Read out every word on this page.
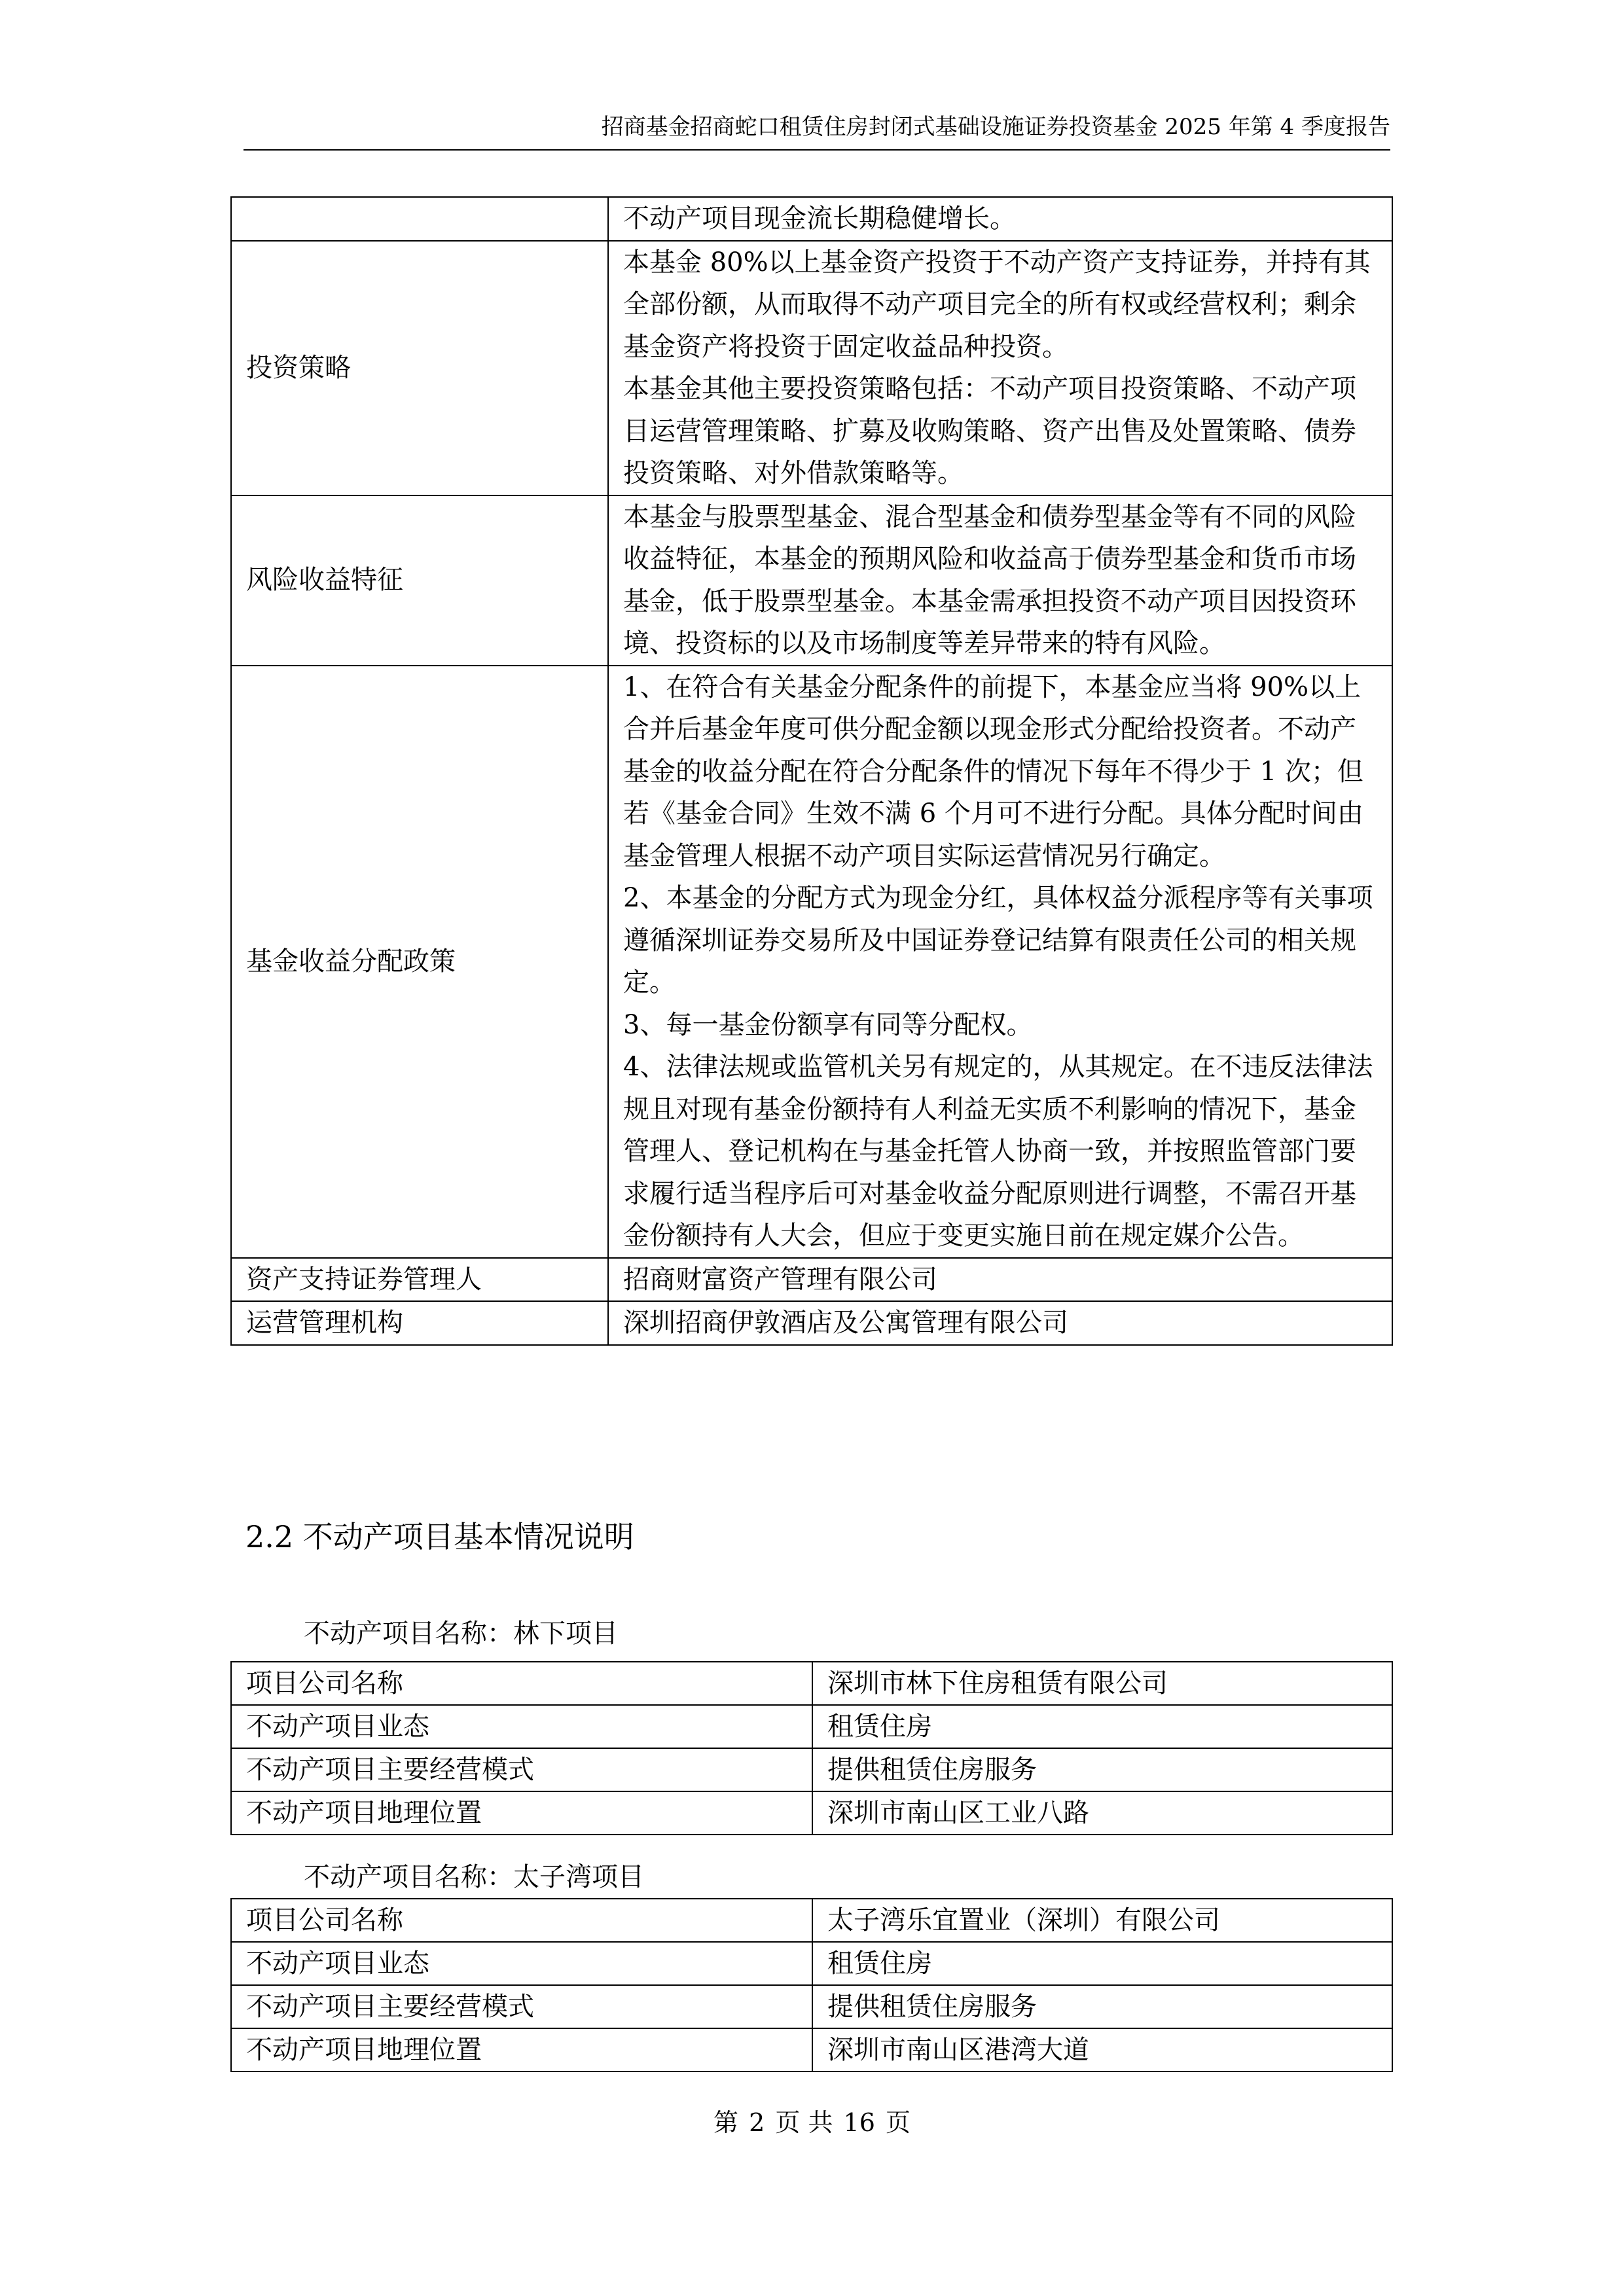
招商基金招商蛇口租赁住房封闭式基础设施证券投资基金 2025 年第 4 季度报告

	不动产项目现金流长期稳健增长。

投资策略	本基金 80%以上基金资产投资于不动产资产支持证券，并持有其全部份额，从而取得不动产项目完全的所有权或经营权利；剩余基金资产将投资于固定收益品种投资。
本基金其他主要投资策略包括：不动产项目投资策略、不动产项目运营管理策略、扩募及收购策略、资产出售及处置策略、债券投资策略、对外借款策略等。

风险收益特征	本基金与股票型基金、混合型基金和债券型基金等有不同的风险收益特征，本基金的预期风险和收益高于债券型基金和货币市场基金，低于股票型基金。本基金需承担投资不动产项目因投资环境、投资标的以及市场制度等差异带来的特有风险。

基金收益分配政策	1、在符合有关基金分配条件的前提下，本基金应当将 90%以上合并后基金年度可供分配金额以现金形式分配给投资者。不动产基金的收益分配在符合分配条件的情况下每年不得少于 1 次；但若《基金合同》生效不满 6 个月可不进行分配。具体分配时间由基金管理人根据不动产项目实际运营情况另行确定。
2、本基金的分配方式为现金分红，具体权益分派程序等有关事项遵循深圳证券交易所及中国证券登记结算有限责任公司的相关规定。
3、每一基金份额享有同等分配权。
4、法律法规或监管机关另有规定的，从其规定。在不违反法律法规且对现有基金份额持有人利益无实质不利影响的情况下，基金管理人、登记机构在与基金托管人协商一致，并按照监管部门要求履行适当程序后可对基金收益分配原则进行调整，不需召开基金份额持有人大会，但应于变更实施日前在规定媒介公告。

资产支持证券管理人	招商财富资产管理有限公司
运营管理机构	深圳招商伊敦酒店及公寓管理有限公司
2.2 不动产项目基本情况说明
不动产项目名称：林下项目
项目公司名称	深圳市林下住房租赁有限公司
不动产项目业态	租赁住房
不动产项目主要经营模式	提供租赁住房服务
不动产项目地理位置	深圳市南山区工业八路
不动产项目名称：太子湾项目
项目公司名称	太子湾乐宜置业（深圳）有限公司
不动产项目业态	租赁住房
不动产项目主要经营模式	提供租赁住房服务
不动产项目地理位置	深圳市南山区港湾大道
第 2 页 共 16 页
